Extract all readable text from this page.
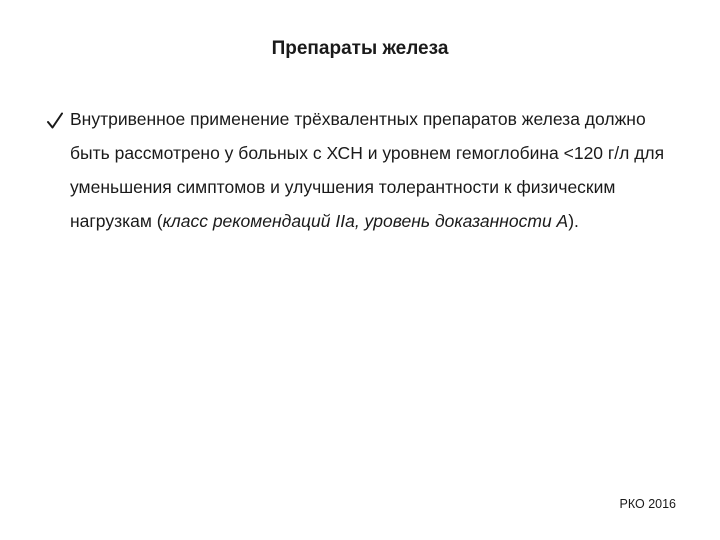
Препараты железа
Внутривенное применение трёхвалентных препаратов железа должно быть рассмотрено у больных с ХСН и уровнем гемоглобина <120 г/л для уменьшения симптомов и улучшения толерантности к физическим нагрузкам (класс рекомендаций IIa, уровень доказанности А).
РКО 2016
